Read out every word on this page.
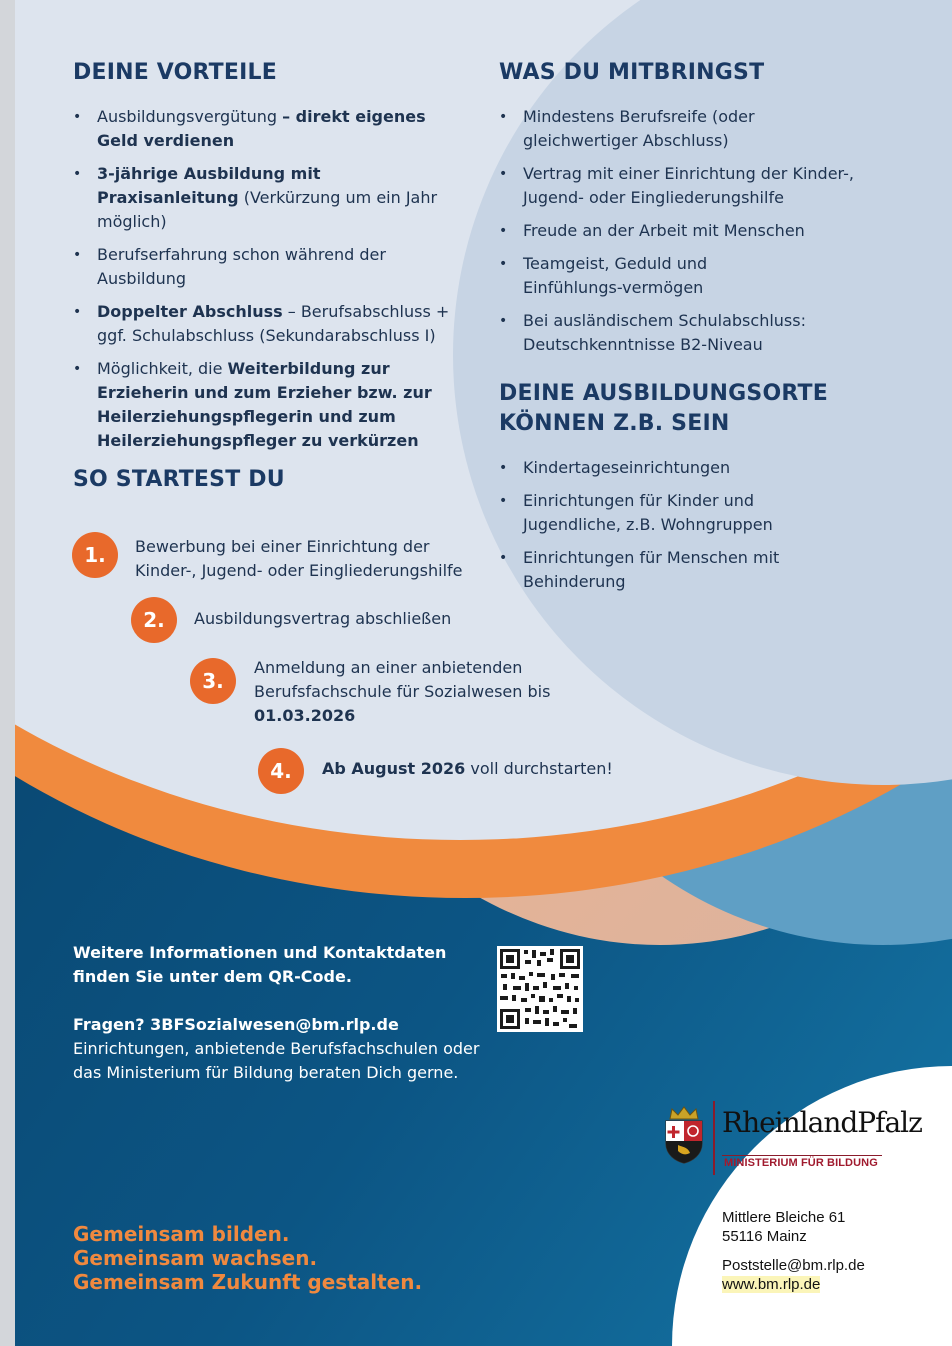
DEINE VORTEILE
• Ausbildungsvergütung – direkt eigenes Geld verdienen
• 3-jährige Ausbildung mit Praxisanleitung (Verkürzung um ein Jahr möglich)
• Berufserfahrung schon während der Ausbildung
• Doppelter Abschluss – Berufsabschluss + ggf. Schulabschluss (Sekundarabschluss I)
• Möglichkeit, die Weiterbildung zur Erzieherin und zum Erzieher bzw. zur Heilerziehungspflegerin und zum Heilerziehungspfleger zu verkürzen
WAS DU MITBRINGST
• Mindestens Berufsreife (oder gleichwertiger Abschluss)
• Vertrag mit einer Einrichtung der Kinder-, Jugend- oder Eingliederungshilfe
• Freude an der Arbeit mit Menschen
• Teamgeist, Geduld und Einfühlungs-vermögen
• Bei ausländischem Schulabschluss: Deutschkenntnisse B2-Niveau
DEINE AUSBILDUNGSORTE
KÖNNEN Z.B. SEIN
• Kindertageseinrichtungen
• Einrichtungen für Kinder und Jugendliche, z.B. Wohngruppen
• Einrichtungen für Menschen mit Behinderung
SO STARTEST DU
1.	Bewerbung bei einer Einrichtung der Kinder-, Jugend- oder Eingliederungshilfe
2.	Ausbildungsvertrag abschließen
3.
Anmeldung an einer anbietenden Berufsfachschule für Sozialwesen bis
01.03.2026
4.	Ab August 2026 voll durchstarten!
Weitere Informationen und Kontaktdaten
finden Sie unter dem QR-Code.
Fragen? 3BFSozialwesen@bm.rlp.de
Einrichtungen, anbietende Berufsfachschulen oder
das Ministerium für Bildung beraten Dich gerne.
Gemeinsam bilden.
Gemeinsam wachsen.
Gemeinsam Zukunft gestalten.
RheinlandPfalz
MINISTERIUM FÜR BILDUNG
Mittlere Bleiche 61
55116 Mainz
Poststelle@bm.rlp.de
www.bm.rlp.de
